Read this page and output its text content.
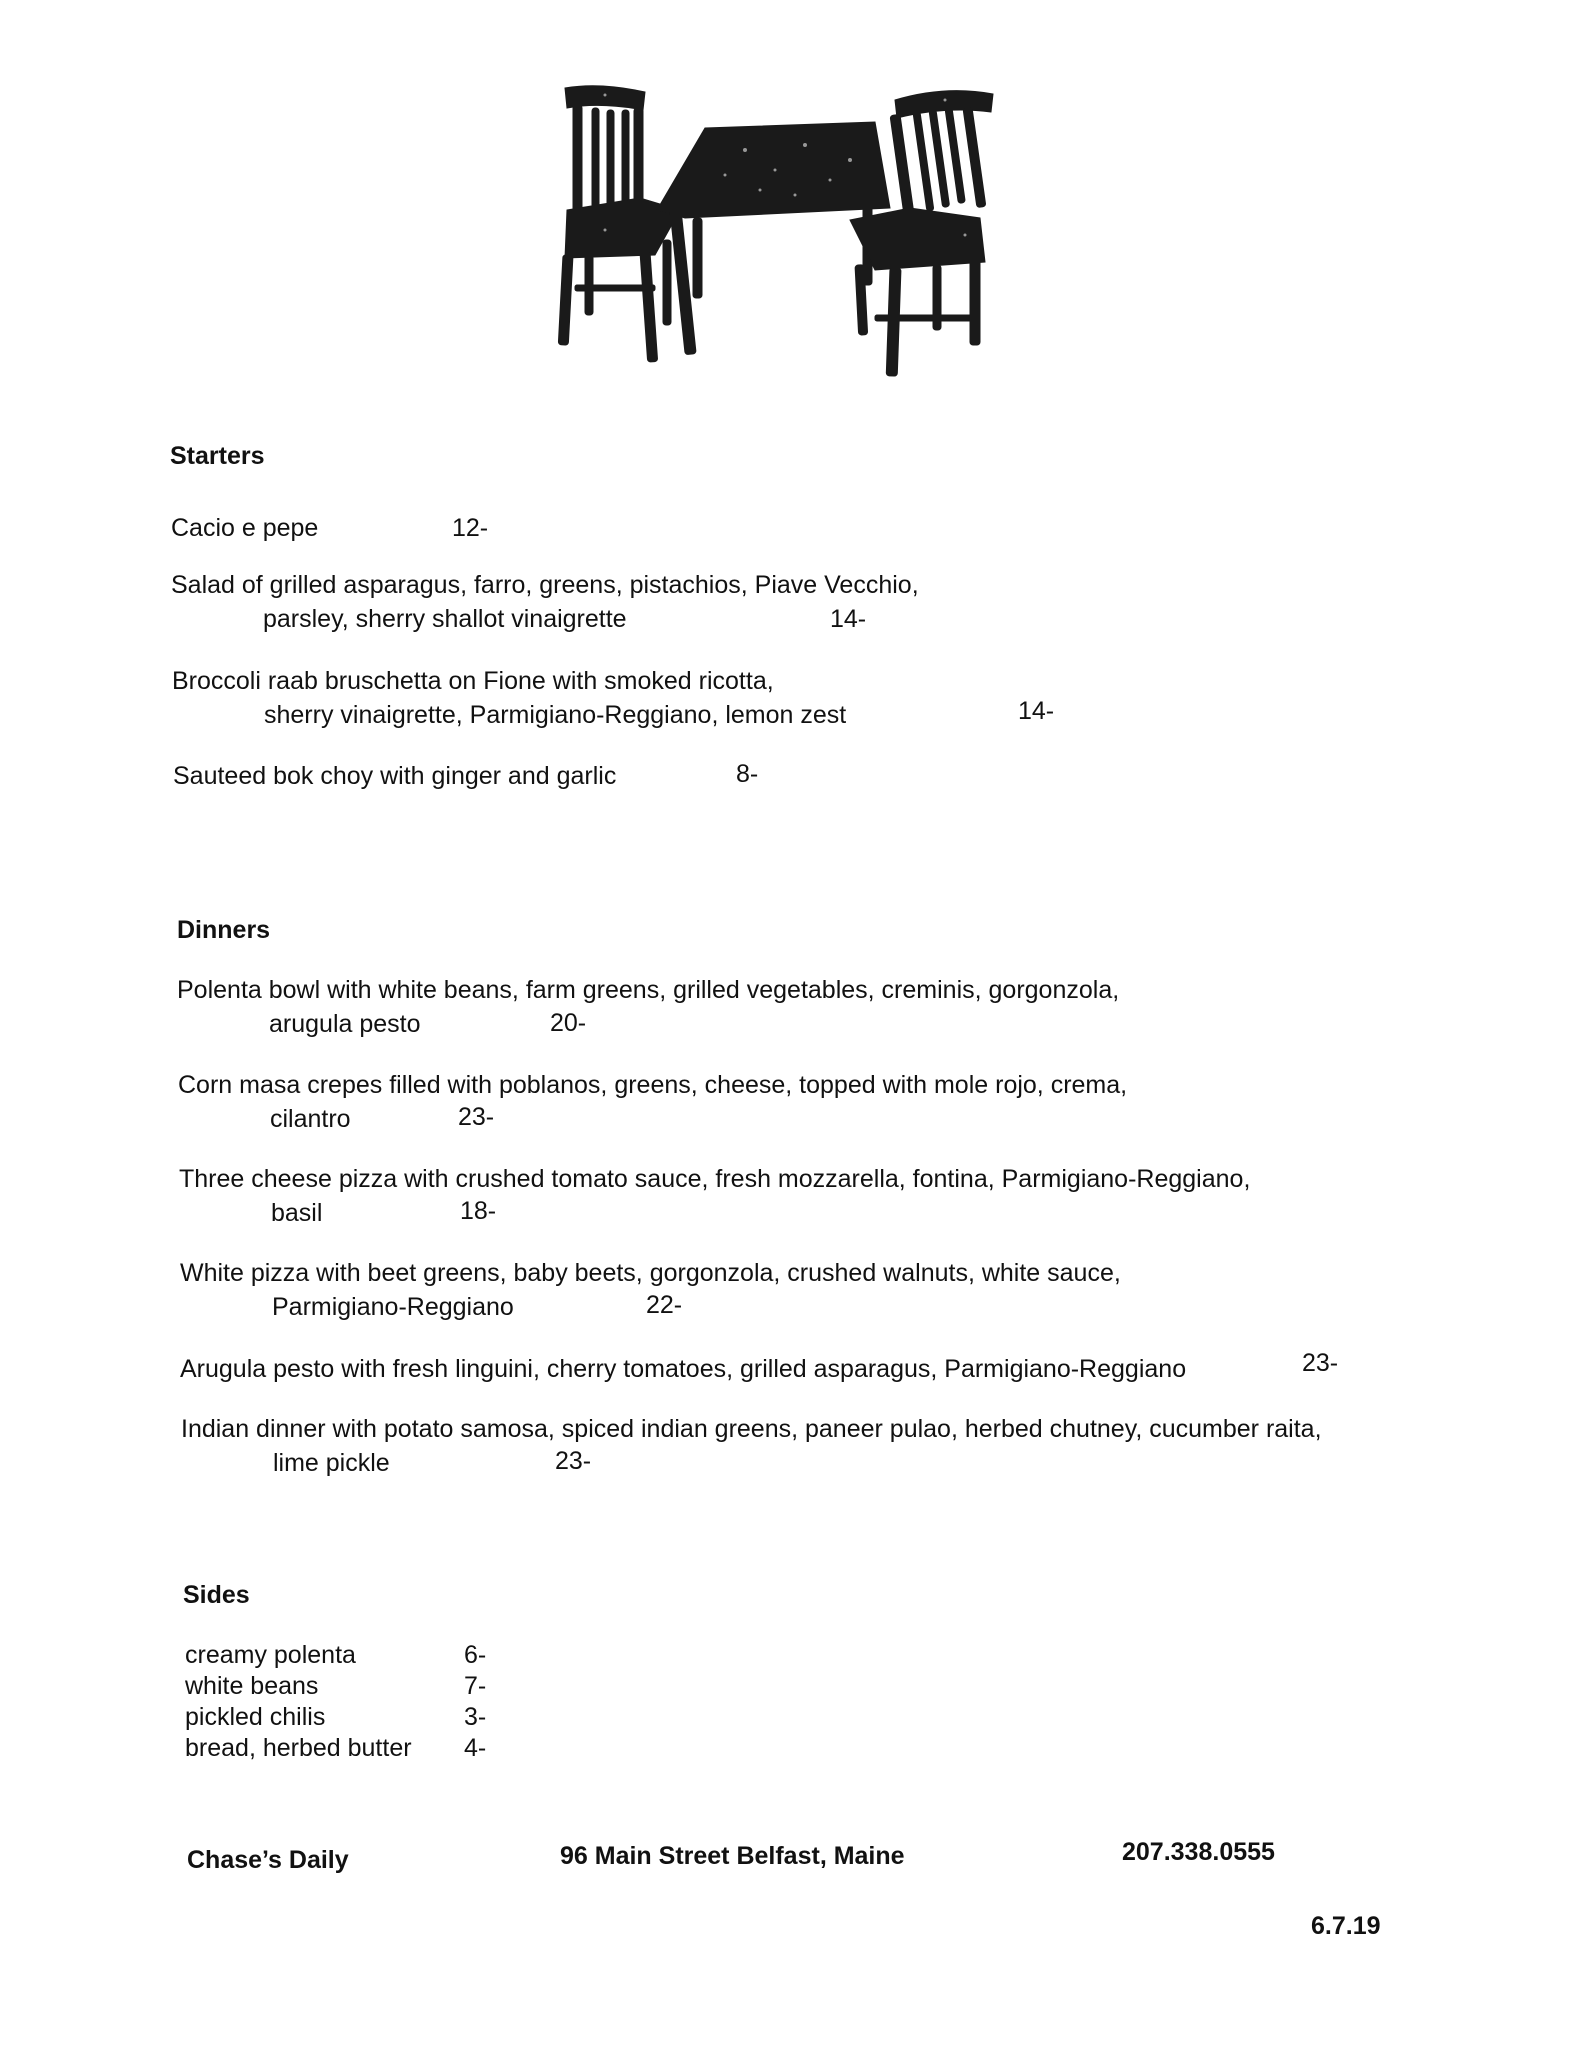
Starters
Cacio e pepe	12-
Salad of grilled asparagus, farro, greens, pistachios, Piave Vecchio,
parsley, sherry shallot vinaigrette	14-
Broccoli raab bruschetta on Fione with smoked ricotta,
sherry vinaigrette, Parmigiano-Reggiano, lemon zest	14-
Sauteed bok choy with ginger and garlic	8-
Dinners
Polenta bowl with white beans, farm greens, grilled vegetables, creminis, gorgonzola,
arugula pesto	20-
Corn masa crepes filled with poblanos, greens, cheese, topped with mole rojo, crema,
cilantro	23-
Three cheese pizza with crushed tomato sauce, fresh mozzarella, fontina, Parmigiano-Reggiano,
basil	18-
White pizza with beet greens, baby beets, gorgonzola, crushed walnuts, white sauce,
Parmigiano-Reggiano	22-
Arugula pesto with fresh linguini, cherry tomatoes, grilled asparagus, Parmigiano-Reggiano	23-
Indian dinner with potato samosa, spiced indian greens, paneer pulao, herbed chutney, cucumber raita,
lime pickle	23-
Sides
creamy polenta	6-
white beans	7-
pickled chilis	3-
bread, herbed butter 4-
Chase’s Daily	96 Main Street Belfast, Maine	207.338.0555
6.7.19
